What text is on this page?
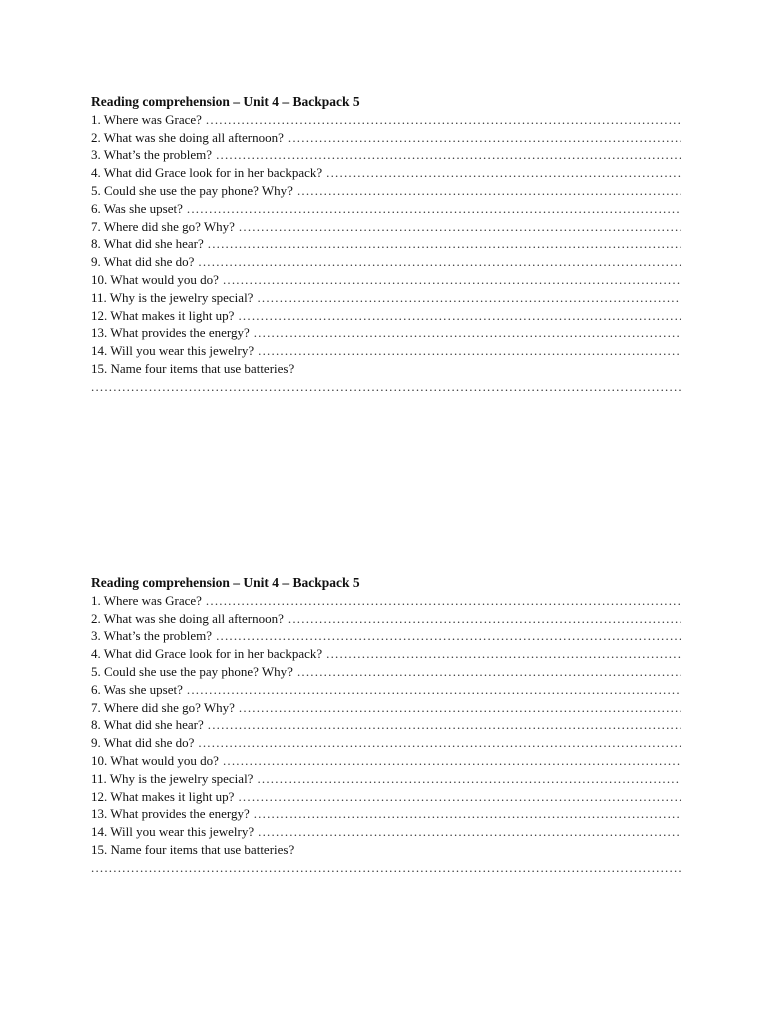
Reading comprehension – Unit 4 – Backpack 5
1. Where was Grace?
.....
2. What was she doing all afternoon?
.....
3. What’s the problem?
.....
4. What did Grace look for in her backpack?
.....
5. Could she use the pay phone? Why?
.....
6. Was she upset?
.....
7. Where did she go? Why?
.....
8. What did she hear?
.....
9. What did she do?
.....
10. What would you do?
.....
11. Why is the jewelry special?
.....
12. What makes it light up?
.....
13. What provides the energy?
.....
14. Will you wear this jewelry?
.....
15. Name four items that use batteries?
.....
Reading comprehension – Unit 4 – Backpack 5
1. Where was Grace?
.....
2. What was she doing all afternoon?
.....
3. What’s the problem?
.....
4. What did Grace look for in her backpack?
.....
5. Could she use the pay phone? Why?
.....
6. Was she upset?
.....
7. Where did she go? Why?
.....
8. What did she hear?
.....
9. What did she do?
.....
10. What would you do?
.....
11. Why is the jewelry special?
.....
12. What makes it light up?
.....
13. What provides the energy?
.....
14. Will you wear this jewelry?
.....
15. Name four items that use batteries?
.....
